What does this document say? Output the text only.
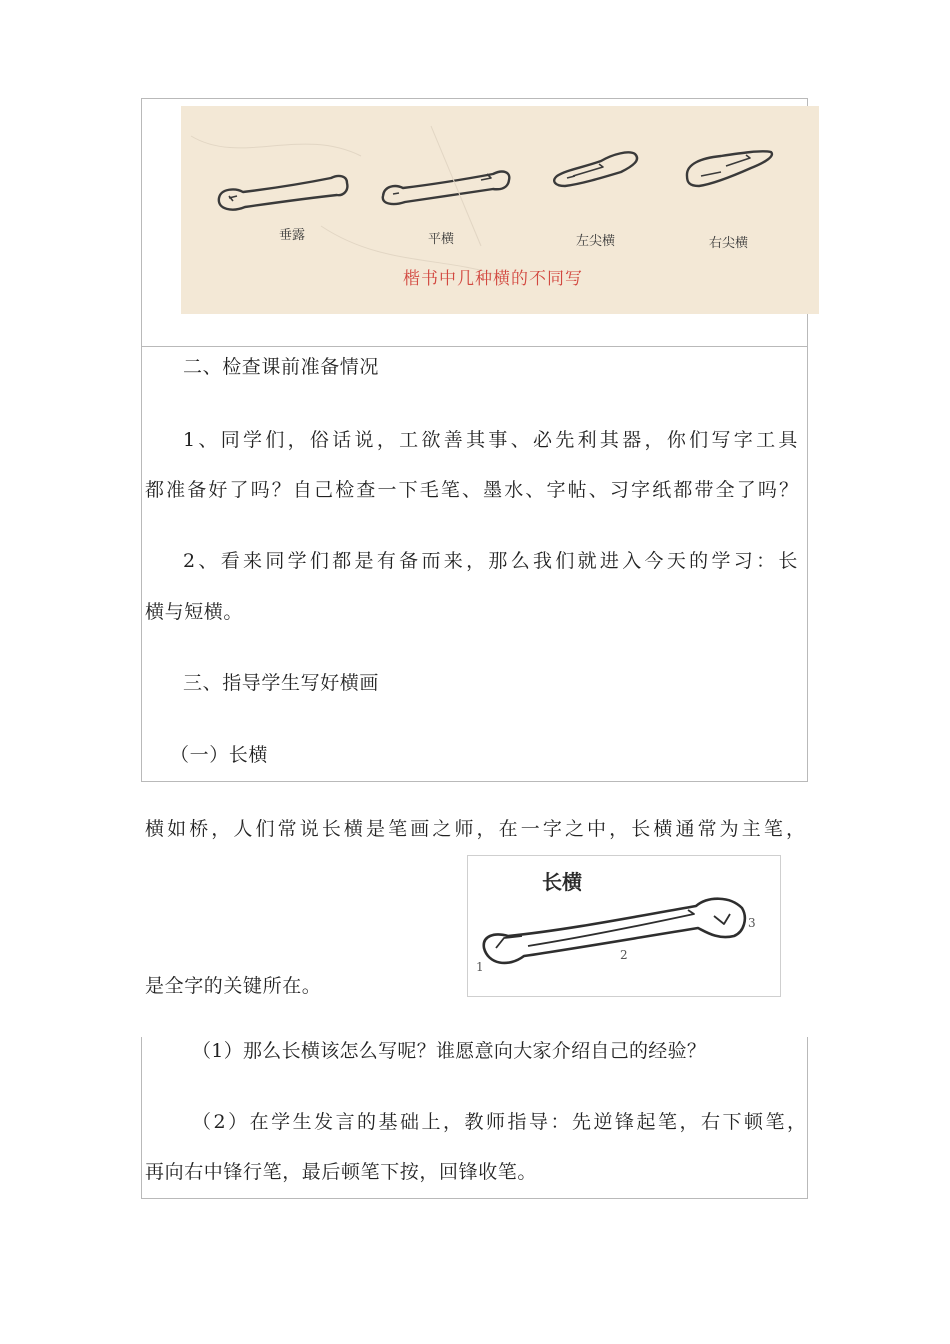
垂露	平横	左尖横	右尖横
楷书中几种横的不同写
二、检查课前准备情况
1、同学们，俗话说，工欲善其事、必先利其器，你们写字工具
都准备好了吗？自己检查一下毛笔、墨水、字帖、习字纸都带全了吗？
2、看来同学们都是有备而来，那么我们就进入今天的学习：长
横与短横。
三、指导学生写好横画
（一）长横
横如桥，人们常说长横是笔画之师，在一字之中，长横通常为主笔，
长横
1
2
3
是全字的关键所在。
（1）那么长横该怎么写呢？谁愿意向大家介绍自己的经验？
（2）在学生发言的基础上，教师指导：先逆锋起笔，右下顿笔，
再向右中锋行笔，最后顿笔下按，回锋收笔。
